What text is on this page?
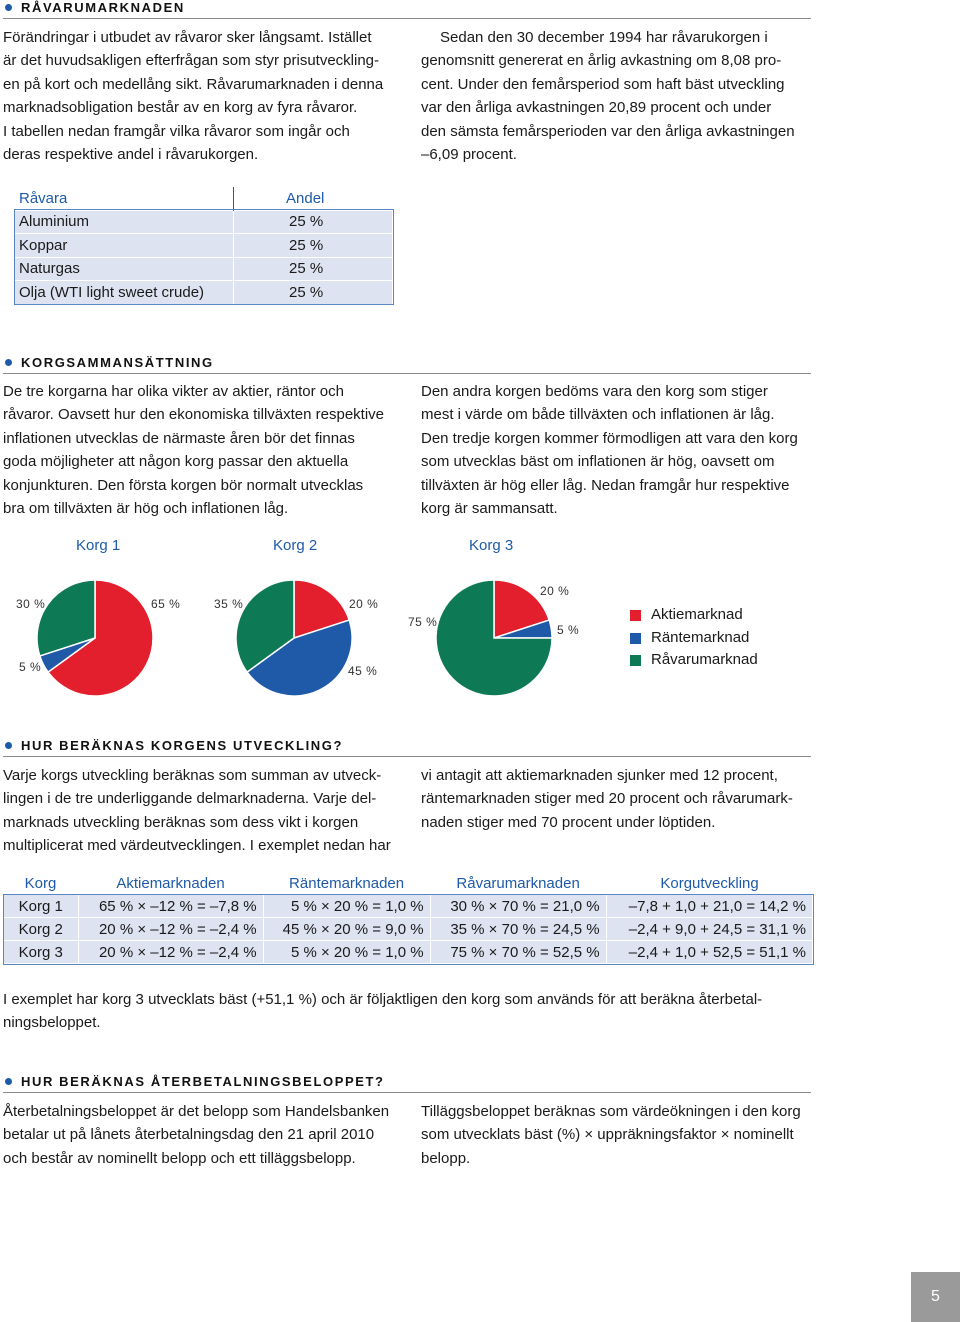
RÅVARUMARKNADEN
Förändringar i utbudet av råvaror sker långsamt. Istället
är det huvudsakligen efterfrågan som styr prisutveckling-
en på kort och medellång sikt. Råvarumarknaden i denna
marknadsobligation består av en korg av fyra råvaror.
I tabellen nedan framgår vilka råvaror som ingår och
deras respektive andel i råvarukorgen.
Sedan den 30 december 1994 har råvarukorgen i
genomsnitt genererat en årlig avkastning om 8,08 pro-
cent. Under den femårsperiod som haft bäst utveckling
var den årliga avkastningen 20,89 procent och under
den sämsta femårsperioden var den årliga avkastningen
–6,09 procent.
Råvara	Andel
Aluminium	25 %
Koppar	25 %
Naturgas	25 %
Olja (WTI light sweet crude)	25 %
KORGSAMMANSÄTTNING
De tre korgarna har olika vikter av aktier, räntor och
råvaror. Oavsett hur den ekonomiska tillväxten respektive
inflationen utvecklas de närmaste åren bör det finnas
goda möjligheter att någon korg passar den aktuella
konjunkturen. Den första korgen bör normalt utvecklas
bra om tillväxten är hög och inflationen låg.
Den andra korgen bedöms vara den korg som stiger
mest i värde om både tillväxten och inflationen är låg.
Den tredje korgen kommer förmodligen att vara den korg
som utvecklas bäst om inflationen är hög, oavsett om
tillväxten är hög eller låg. Nedan framgår hur respektive
korg är sammansatt.
Korg 1	Korg 2	Korg 3
30 %	65 %
5 %
35 %	20 %
45 %
75 %
20 %
5 %
Aktiemarknad
Räntemarknad
Råvarumarknad
HUR BERÄKNAS KORGENS UTVECKLING?
Varje korgs utveckling beräknas som summan av utveck-
lingen i de tre underliggande delmarknaderna. Varje del-
marknads utveckling beräknas som dess vikt i korgen
multiplicerat med värdeutvecklingen. I exemplet nedan har
vi antagit att aktiemarknaden sjunker med 12 procent,
räntemarknaden stiger med 20 procent och råvarumark-
naden stiger med 70 procent under löptiden.
Korg	Aktiemarknaden	Räntemarknaden	Råvarumarknaden	Korgutveckling
Korg 1	65 % × –12 % = –7,8 %	5 % × 20 % = 1,0 %	30 % × 70 % = 21,0 %	–7,8 + 1,0 + 21,0 = 14,2 %
Korg 2	20 % × –12 % = –2,4 %	45 % × 20 % = 9,0 %	35 % × 70 % = 24,5 %	–2,4 + 9,0 + 24,5 = 31,1 %
Korg 3	20 % × –12 % = –2,4 %	5 % × 20 % = 1,0 %	75 % × 70 % = 52,5 %	–2,4 + 1,0 + 52,5 = 51,1 %
I exemplet har korg 3 utvecklats bäst (+51,1 %) och är följaktligen den korg som används för att beräkna återbetal-
ningsbeloppet.
HUR BERÄKNAS ÅTERBETALNINGSBELOPPET?
Återbetalningsbeloppet är det belopp som Handelsbanken
betalar ut på lånets återbetalningsdag den 21 april 2010
och består av nominellt belopp och ett tilläggsbelopp.
Tilläggsbeloppet beräknas som värdeökningen i den korg
som utvecklats bäst (%) × uppräkningsfaktor × nominellt
belopp.
5
